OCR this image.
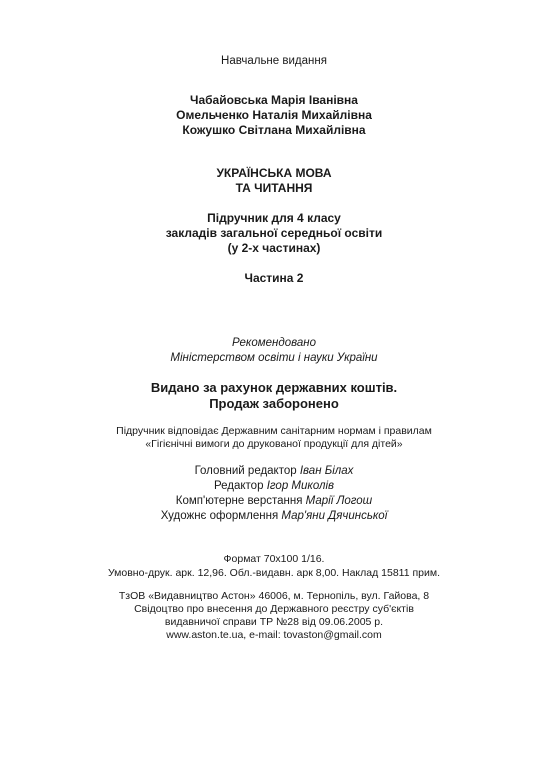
Навчальне видання
Чабайовська Марія Іванівна
Омельченко Наталія Михайлівна
Кожушко Світлана Михайлівна
УКРАЇНСЬКА МОВА
ТА ЧИТАННЯ
Підручник для 4 класу
закладів загальної середньої освіти
(у 2-х частинах)
Частина 2
Рекомендовано
Міністерством освіти і науки України
Видано за рахунок державних коштів.
Продаж заборонено
Підручник відповідає Державним санітарним нормам і правилам
«Гігієнічні вимоги до друкованої продукції для дітей»
Головний редактор Іван Білах
Редактор Ігор Миколів
Комп'ютерне верстання Марії Логош
Художнє оформлення Мар'яни Дячинської
Формат 70х100 1/16.
Умовно-друк. арк. 12,96. Обл.-видавн. арк 8,00. Наклад 15811 прим.
ТзОВ «Видавництво Астон» 46006, м. Тернопіль, вул. Гайова, 8
Свідоцтво про внесення до Державного реєстру суб'єктів
видавничої справи ТР №28 від 09.06.2005 р.
www.aston.te.ua, e-mail: tovaston@gmail.com
